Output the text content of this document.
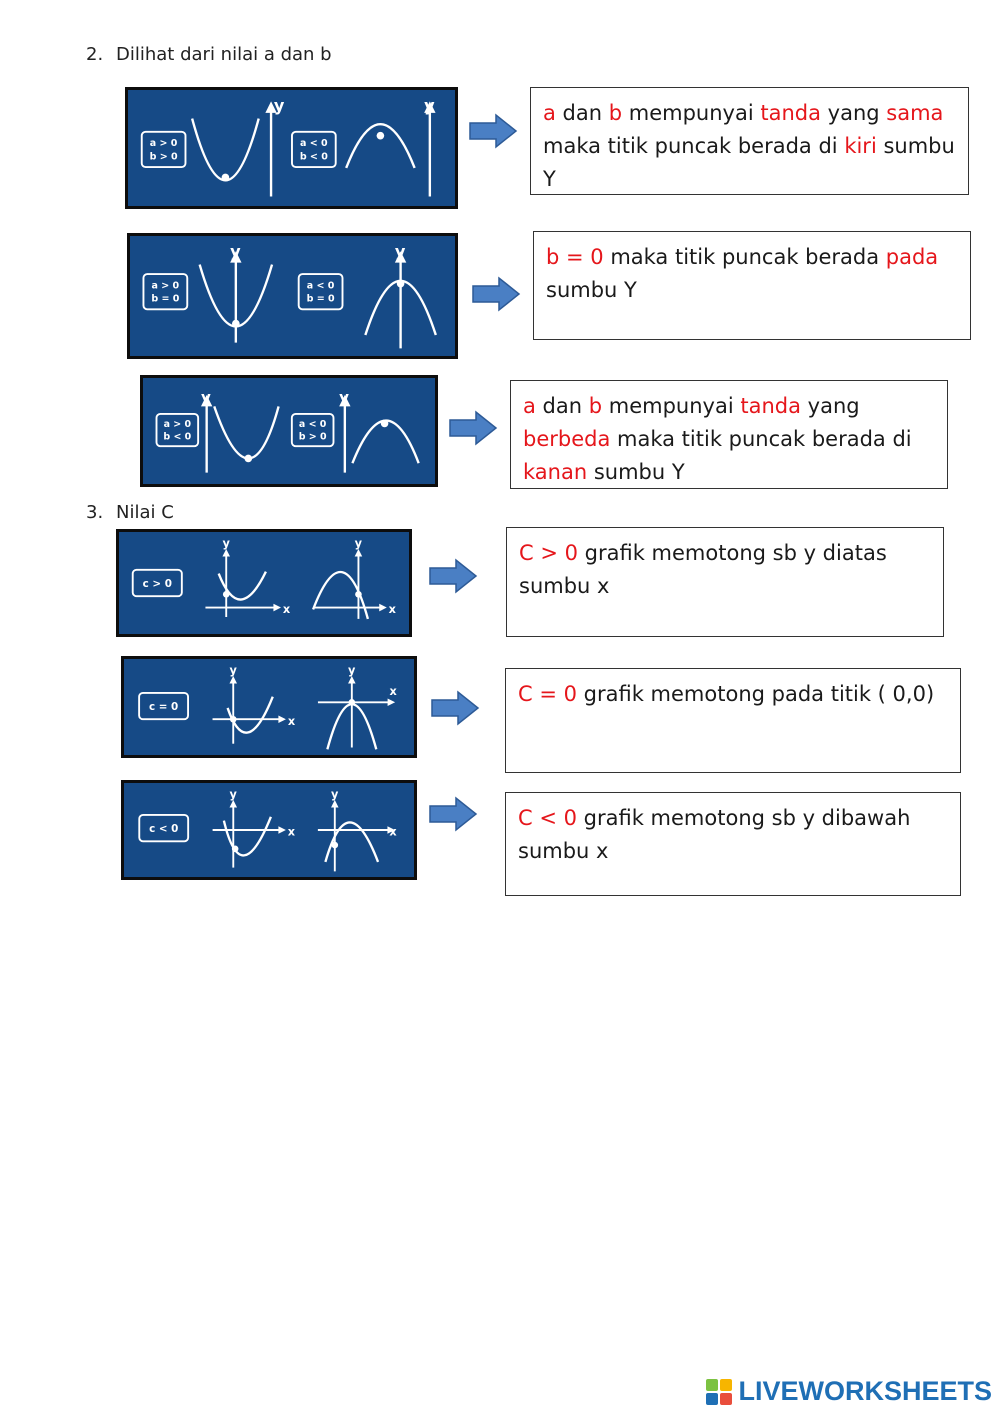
2. Dilihat dari nilai a dan b
a > 0
b > 0
y
a < 0
b < 0
y	a dan b mempunyai tanda yang sama maka titik puncak berada di kiri sumbu Y
a > 0
b = 0
y
a < 0
b = 0
y	b = 0 maka titik puncak berada pada sumbu Y
a > 0
b < 0
y
a < 0
b > 0
y	a dan b mempunyai tanda yang berbeda maka titik puncak berada di kanan sumbu Y
3. Nilai C
c > 0
x
y
x
y	C > 0 grafik memotong sb y diatas sumbu x
c = 0
x
y
x
y
C = 0 grafik memotong pada titik ( 0,0)
c < 0	x
y
x
y
C < 0 grafik memotong sb y dibawah sumbu x
LIVEWORKSHEETS
